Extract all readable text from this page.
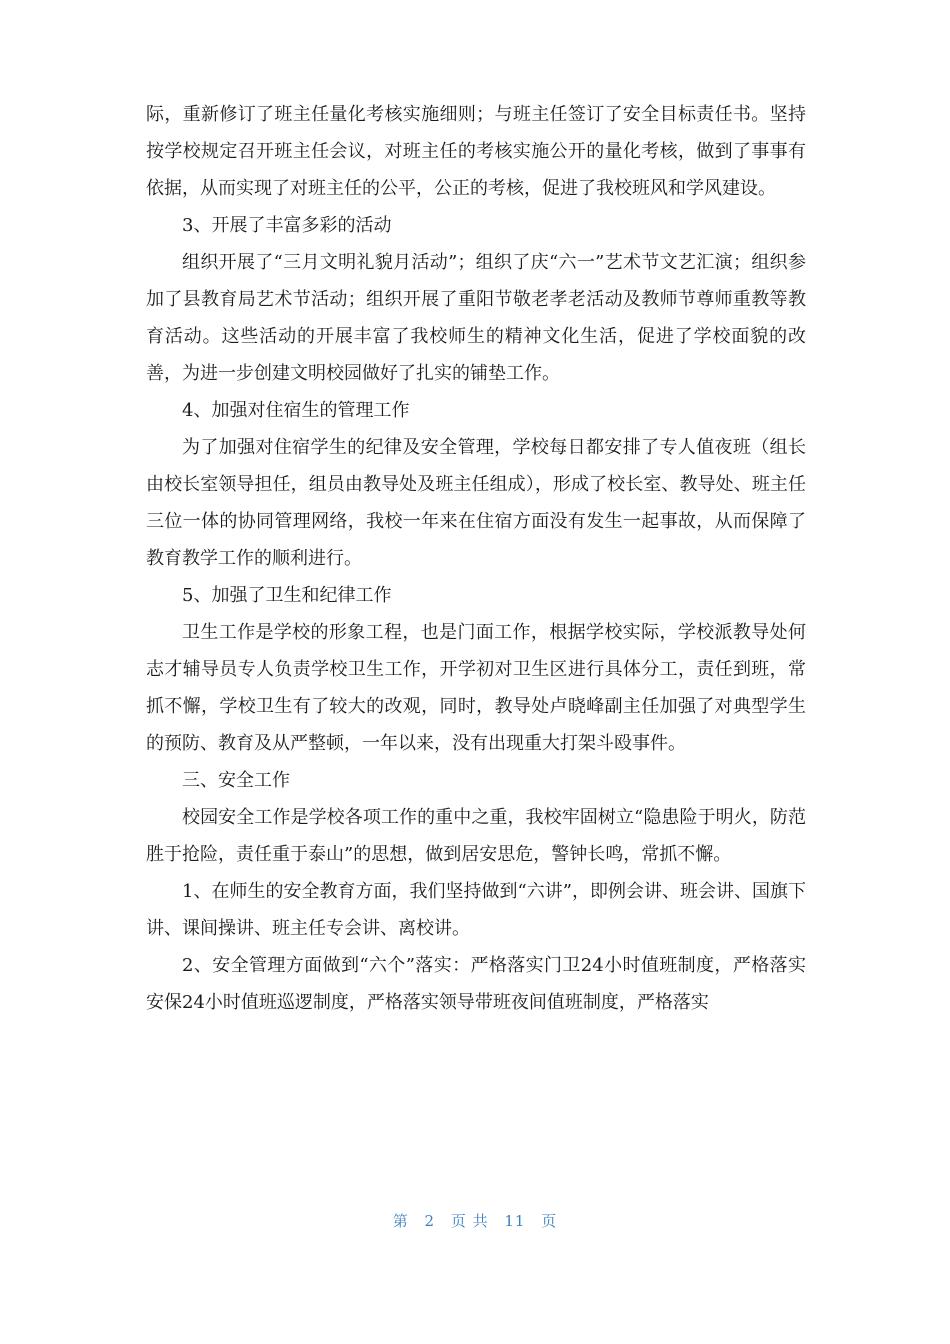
际，重新修订了班主任量化考核实施细则；与班主任签订了安全目标责任书。坚持按学校规定召开班主任会议，对班主任的考核实施公开的量化考核，做到了事事有依据，从而实现了对班主任的公平，公正的考核，促进了我校班风和学风建设。

3、开展了丰富多彩的活动

组织开展了“三月文明礼貌月活动”；组织了庆“六一”艺术节文艺汇演；组织参加了县教育局艺术节活动；组织开展了重阳节敬老孝老活动及教师节尊师重教等教育活动。这些活动的开展丰富了我校师生的精神文化生活，促进了学校面貌的改善，为进一步创建文明校园做好了扎实的铺垫工作。

4、加强对住宿生的管理工作

为了加强对住宿学生的纪律及安全管理，学校每日都安排了专人值夜班（组长由校长室领导担任，组员由教导处及班主任组成），形成了校长室、教导处、班主任三位一体的协同管理网络，我校一年来在住宿方面没有发生一起事故，从而保障了教育教学工作的顺利进行。

5、加强了卫生和纪律工作

卫生工作是学校的形象工程，也是门面工作，根据学校实际，学校派教导处何志才辅导员专人负责学校卫生工作，开学初对卫生区进行具体分工，责任到班，常抓不懈，学校卫生有了较大的改观，同时，教导处卢晓峰副主任加强了对典型学生的预防、教育及从严整顿，一年以来，没有出现重大打架斗殴事件。

三、安全工作

校园安全工作是学校各项工作的重中之重，我校牢固树立“隐患险于明火，防范胜于抢险，责任重于泰山”的思想，做到居安思危，警钟长鸣，常抓不懈。

1、在师生的安全教育方面，我们坚持做到“六讲”，即例会讲、班会讲、国旗下讲、课间操讲、班主任专会讲、离校讲。

2、安全管理方面做到“六个”落实：严格落实门卫24小时值班制度，严格落实安保24小时值班巡逻制度，严格落实领导带班夜间值班制度，严格落实

第 2 页 共 11 页
